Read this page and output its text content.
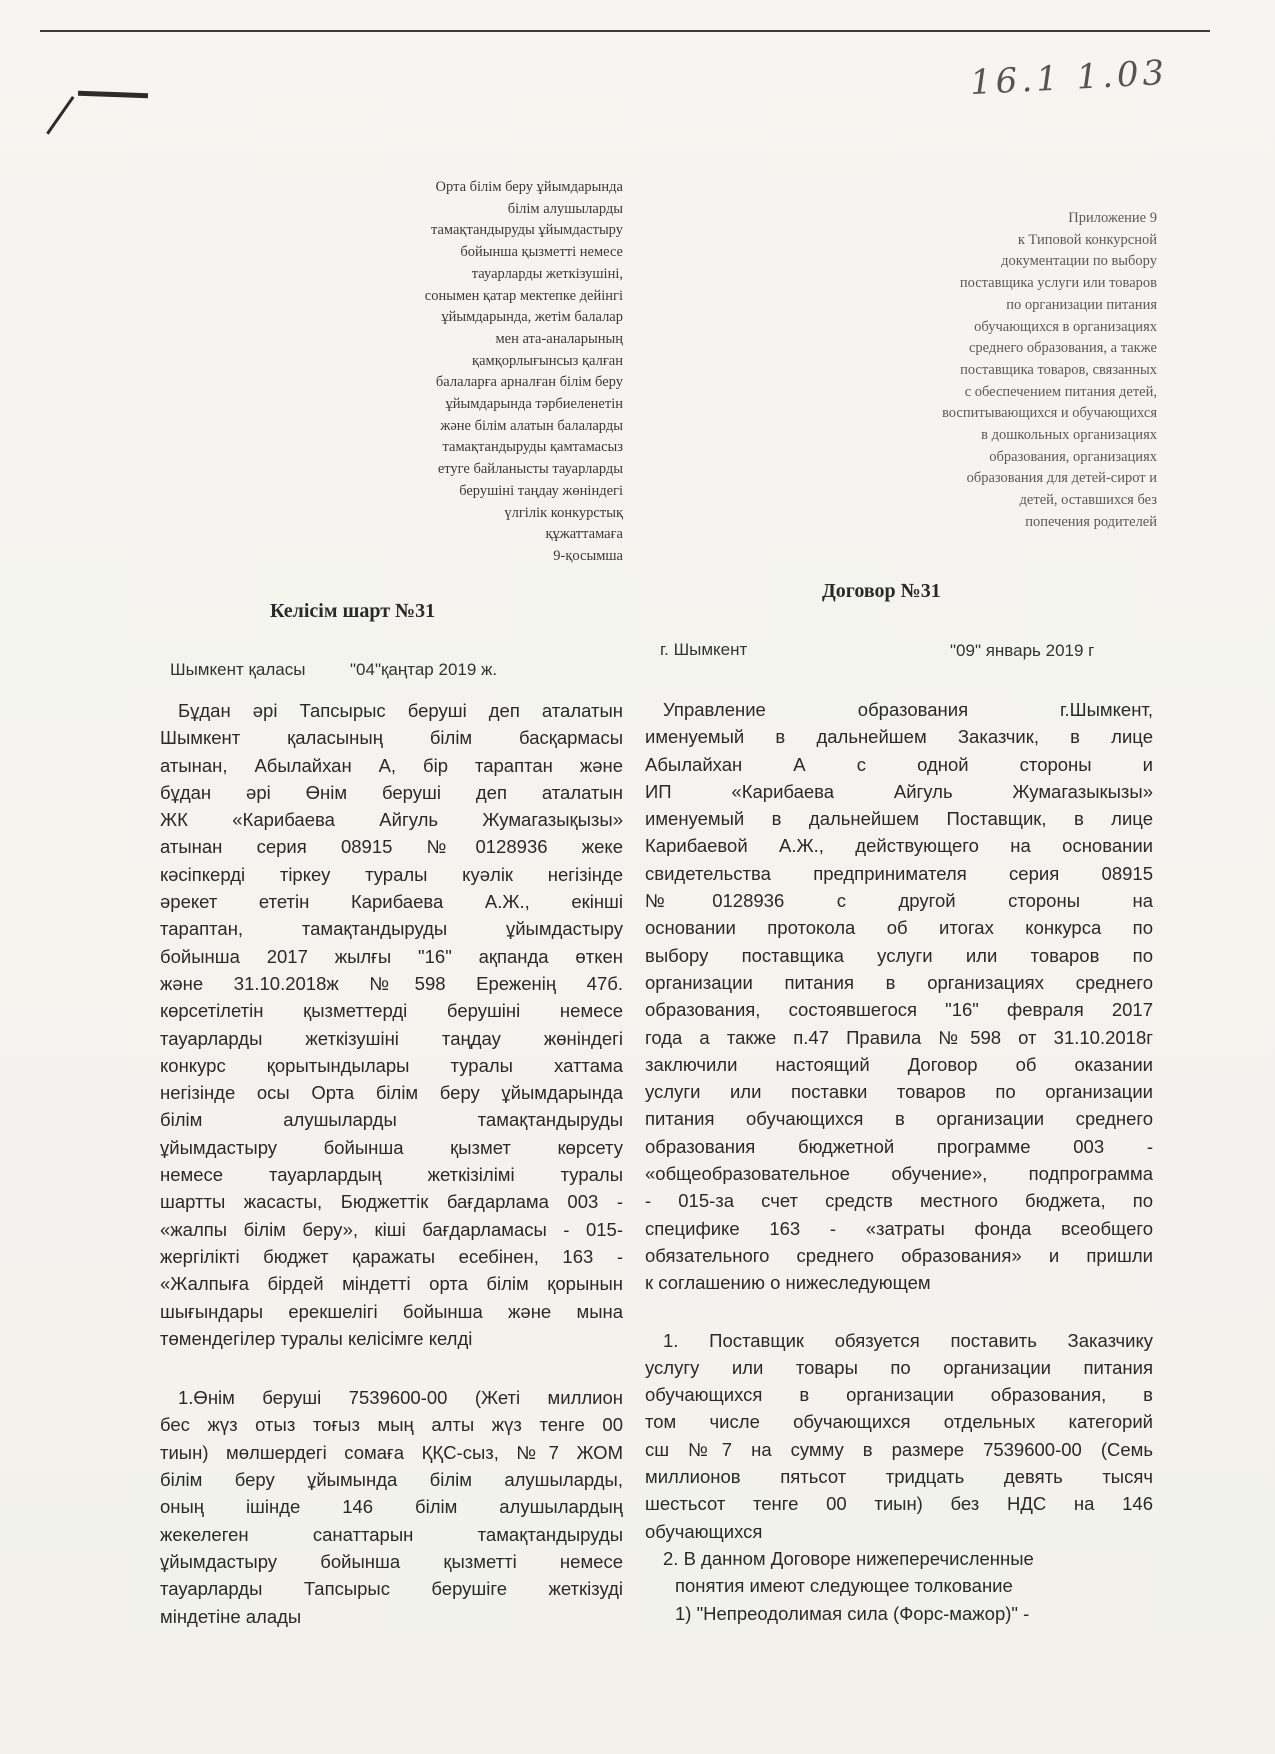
16.1 1.03
Орта білім беру ұйымдарында
білім алушыларды
тамақтандыруды ұйымдастыру
бойынша қызметті немесе
тауарларды жеткізушіні,
сонымен қатар мектепке дейінгі
ұйымдарында, жетім балалар
мен ата-аналарының
қамқорлығынсыз қалған
балаларға арналған білім беру
ұйымдарында тәрбиеленетін
және білім алатын балаларды
тамақтандыруды қамтамасыз
етуге байланысты тауарларды
берушіні таңдау жөніндегі
үлгілік конкурстық
құжаттамаға
9-қосымша
Приложение 9
к Типовой конкурсной
документации по выбору
поставщика услуги или товаров
по организации питания
обучающихся в организациях
среднего образования, а также
поставщика товаров, связанных
с обеспечением питания детей,
воспитывающихся и обучающихся
в дошкольных организациях
образования, организациях
образования для детей-сирот и
детей, оставшихся без
попечения родителей
Келісім шарт №31
Договор №31
Шымкент қаласы	"04"қаңтар 2019 ж.
г. Шымкент	"09" январь 2019 г

Бұдан әрі Тапсырыс беруші деп аталатын
Шымкент қаласының білім басқармасы
атынан, Абылайхан А, бір тараптан және
бұдан әрі Өнім беруші деп аталатын
ЖК «Карибаева Айгуль Жумагазықызы»
атынан серия 08915 №0128936 жеке
кәсіпкерді тіркеу туралы куәлік негізінде
әрекет ететін Карибаева А.Ж., екінші
тараптан, тамақтандыруды ұйымдастыру
бойынша 2017 жылғы "16" ақпанда өткен
және 31.10.2018ж №598 Ереженің 47б.
көрсетілетін қызметтерді берушіні немесе
тауарларды жеткізушіні таңдау жөніндегі
конкурс қорытындылары туралы хаттама
негізінде осы Орта білім беру ұйымдарында
білім алушыларды тамақтандыруды
ұйымдастыру бойынша қызмет көрсету
немесе тауарлардың жеткізілімі туралы
шартты жасасты, Бюджеттік бағдарлама 003 -
«жалпы білім беру», кіші бағдарламасы - 015-
жергілікті бюджет қаражаты есебінен, 163 -
«Жалпыға бірдей міндетті орта білім қорынын
шығындары ерекшелігі бойынша және мына
төмендегілер туралы келісімге келді

1.Өнім беруші 7539600-00 (Жеті миллион
бес жүз отыз тоғыз мың алты жүз тенге 00
тиын) мөлшердегі сомаға ҚҚС-сыз, №7 ЖОМ
білім беру ұйымында білім алушыларды,
оның ішінде 146 білім алушылардың
жекелеген санаттарын тамақтандыруды
ұйымдастыру бойынша қызметті немесе
тауарларды Тапсырыс берушіге жеткізуді
міндетіне алады

Управление образования г.Шымкент,
именуемый в дальнейшем Заказчик, в лице
Абылайхан А с одной стороны и
ИП «Карибаева Айгуль Жумагазыкызы»
именуемый в дальнейшем Поставщик, в лице
Карибаевой А.Ж., действующего на основании
свидетельства предпринимателя серия 08915
№0128936 с другой стороны на
основании протокола об итогах конкурса по
выбору поставщика услуги или товаров по
организации питания в организациях среднего
образования, состоявшегося "16" февраля 2017
года а также п.47 Правила №598 от 31.10.2018г
заключили настоящий Договор об оказании
услуги или поставки товаров по организации
питания обучающихся в организации среднего
образования бюджетной программе 003 -
«общеобразовательное обучение», подпрограмма
- 015-за счет средств местного бюджета, по
специфике 163 - «затраты фонда всеобщего
обязательного среднего образования» и пришли
к соглашению о нижеследующем

1. Поставщик обязуется поставить Заказчику
услугу или товары по организации питания
обучающихся в организации образования, в
том числе обучающихся отдельных категорий
сш №7 на сумму в размере 7539600-00 (Семь
миллионов пятьсот тридцать девять тысяч
шестьсот тенге 00 тиын) без НДС на 146
обучающихся

2. В данном Договоре нижеперечисленные
понятия имеют следующее толкование

1) "Непреодолимая сила (Форс-мажор)" -
